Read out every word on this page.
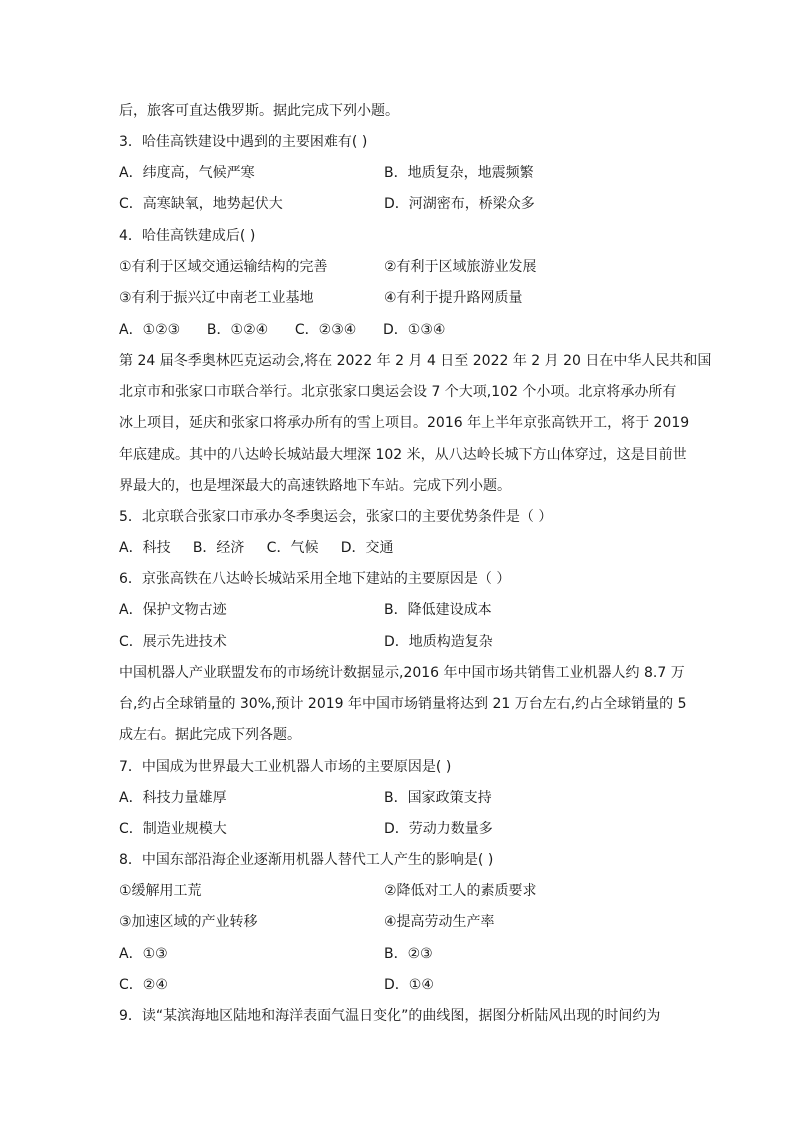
后，旅客可直达俄罗斯。据此完成下列小题。
3．哈佳高铁建设中遇到的主要困难有( )
A．纬度高，气候严寒	B．地质复杂，地震频繁
C．高寒缺氧，地势起伏大	D．河湖密布，桥梁众多
4．哈佳高铁建成后( )
①有利于区域交通运输结构的完善	②有利于区域旅游业发展
③有利于振兴辽中南老工业基地	④有利于提升路网质量
A．①②③      B．①②④      C．②③④      D．①③④
第 24 届冬季奥林匹克运动会,将在 2022 年 2 月 4 日至 2022 年 2 月 20 日在中华人民共和国
北京市和张家口市联合举行。北京张家口奥运会设 7 个大项,102 个小项。北京将承办所有
冰上项目，延庆和张家口将承办所有的雪上项目。2016 年上半年京张高铁开工，将于 2019
年底建成。其中的八达岭长城站最大埋深 102 米，从八达岭长城下方山体穿过，这是目前世
界最大的，也是埋深最大的高速铁路地下车站。完成下列小题。
5．北京联合张家口市承办冬季奥运会，张家口的主要优势条件是（ ）
A．科技     B．经济     C．气候     D．交通
6．京张高铁在八达岭长城站采用全地下建站的主要原因是（ ）
A．保护文物古迹	B．降低建设成本
C．展示先进技术	D．地质构造复杂
中国机器人产业联盟发布的市场统计数据显示,2016 年中国市场共销售工业机器人约 8.7 万
台,约占全球销量的 30%,预计 2019 年中国市场销量将达到 21 万台左右,约占全球销量的 5
成左右。据此完成下列各题。
7．中国成为世界最大工业机器人市场的主要原因是( )
A．科技力量雄厚	B．国家政策支持
C．制造业规模大	D．劳动力数量多
8．中国东部沿海企业逐渐用机器人替代工人产生的影响是( )
①缓解用工荒	②降低对工人的素质要求
③加速区域的产业转移	④提高劳动生产率
A．①③	B．②③
C．②④	D．①④
9．读“某滨海地区陆地和海洋表面气温日变化”的曲线图，据图分析陆风出现的时间约为
